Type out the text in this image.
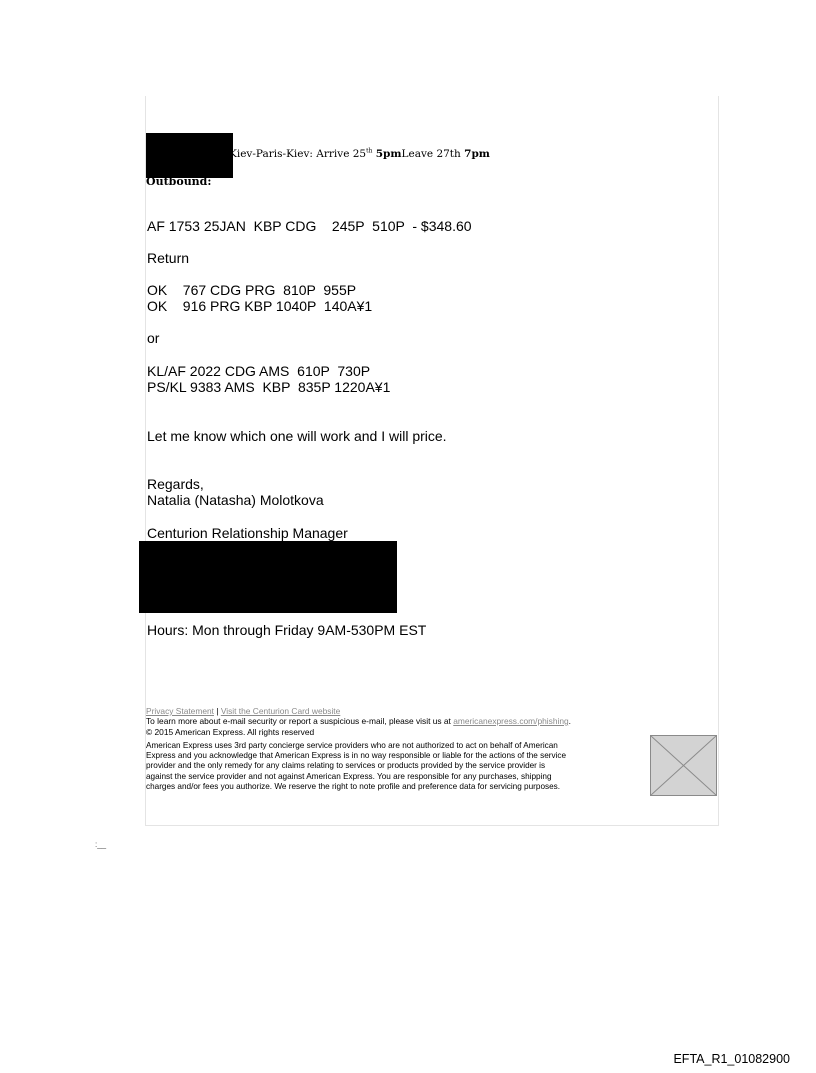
Kiev-Paris-Kiev: Arrive 25th 5pmLeave 27th 7pm
Outbound:
AF 1753 25JAN  KBP CDG    245P  510P  - $348.60
Return
OK    767 CDG PRG  810P  955P
OK    916 PRG KBP 1040P  140A¥1
or
KL/AF 2022 CDG AMS  610P  730P
PS/KL 9383 AMS  KBP  835P 1220A¥1
Let me know which one will work and I will price.
Regards,
Natalia (Natasha) Molotkova
Centurion Relationship Manager
Hours: Mon through Friday 9AM-530PM EST
Privacy Statement | Visit the Centurion Card website
To learn more about e-mail security or report a suspicious e-mail, please visit us at americanexpress.com/phishing.
© 2015 American Express. All rights reserved
American Express uses 3rd party concierge service providers who are not authorized to act on behalf of American
Express and you acknowledge that American Express is in no way responsible or liable for the actions of the service
provider and the only remedy for any claims relating to services or products provided by the service provider is
against the service provider and not against American Express. You are responsible for any purchases, shipping
charges and/or fees you authorize. We reserve the right to note profile and preference data for servicing purposes.
:__
EFTA_R1_01082900
